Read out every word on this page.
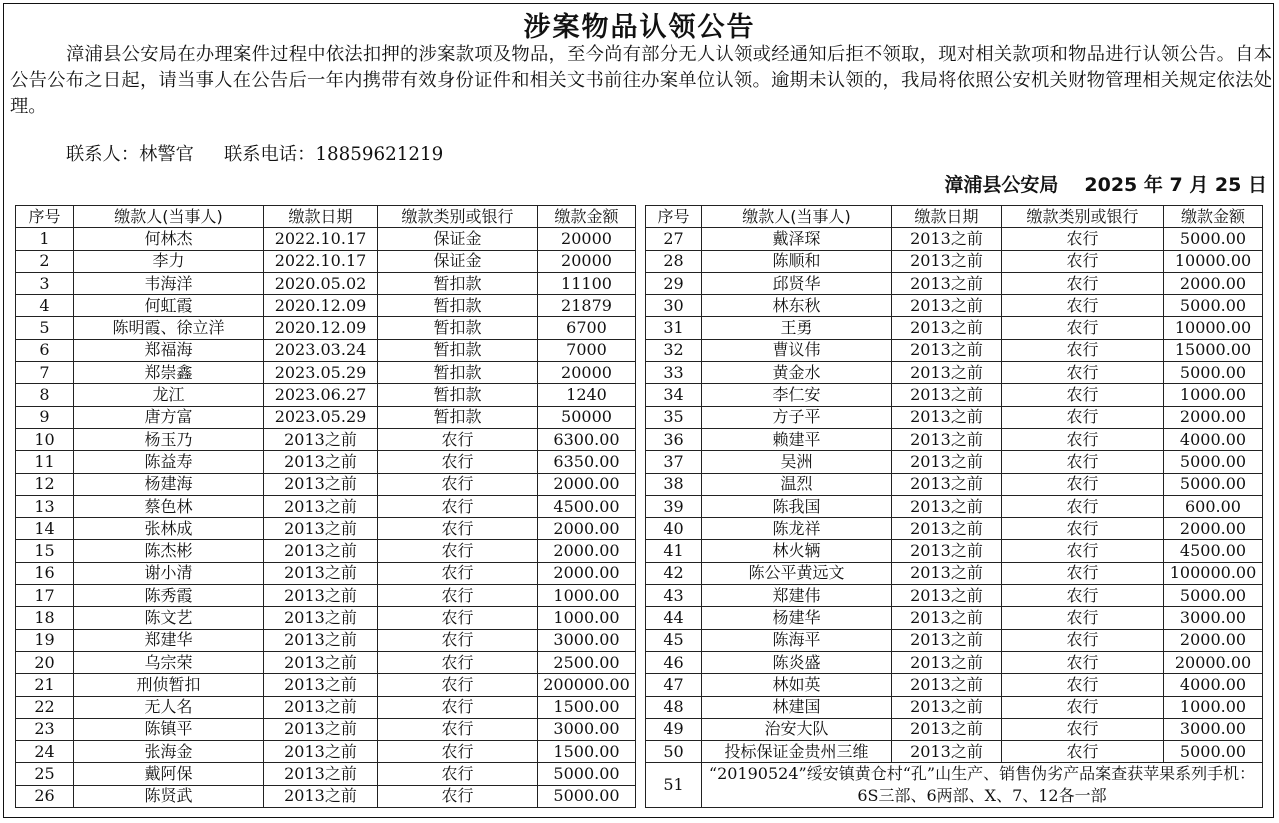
涉案物品认领公告
漳浦县公安局在办理案件过程中依法扣押的涉案款项及物品，至今尚有部分无人认领或经通知后拒不领取，现对相关款项和物品进行认领公告。自本公告公布之日起，请当事人在公告后一年内携带有效身份证件和相关文书前往办案单位认领。逾期未认领的，我局将依照公安机关财物管理相关规定依法处理。
联系人：林警官 联系电话：18859621219
漳浦县公安局 2025 年 7 月 25 日
序号	缴款人(当事人)	缴款日期	缴款类别或银行	缴款金额
1	何林杰	2022.10.17	保证金	20000
2	李力	2022.10.17	保证金	20000
3	韦海洋	2020.05.02	暂扣款	11100
4	何虹霞	2020.12.09	暂扣款	21879
5	陈明霞、徐立洋	2020.12.09	暂扣款	6700
6	郑福海	2023.03.24	暂扣款	7000
7	郑崇鑫	2023.05.29	暂扣款	20000
8	龙江	2023.06.27	暂扣款	1240
9	唐方富	2023.05.29	暂扣款	50000
10	杨玉乃	2013之前	农行	6300.00
11	陈益寿	2013之前	农行	6350.00
12	杨建海	2013之前	农行	2000.00
13	蔡色林	2013之前	农行	4500.00
14	张林成	2013之前	农行	2000.00
15	陈杰彬	2013之前	农行	2000.00
16	谢小清	2013之前	农行	2000.00
17	陈秀霞	2013之前	农行	1000.00
18	陈文艺	2013之前	农行	1000.00
19	郑建华	2013之前	农行	3000.00
20	乌宗荣	2013之前	农行	2500.00
21	刑侦暂扣	2013之前	农行	200000.00
22	无人名	2013之前	农行	1500.00
23	陈镇平	2013之前	农行	3000.00
24	张海金	2013之前	农行	1500.00
25	戴阿保	2013之前	农行	5000.00
26	陈贤武	2013之前	农行	5000.00
序号	缴款人(当事人)	缴款日期	缴款类别或银行	缴款金额
27	戴泽琛	2013之前	农行	5000.00
28	陈顺和	2013之前	农行	10000.00
29	邱贤华	2013之前	农行	2000.00
30	林东秋	2013之前	农行	5000.00
31	王勇	2013之前	农行	10000.00
32	曹议伟	2013之前	农行	15000.00
33	黄金水	2013之前	农行	5000.00
34	李仁安	2013之前	农行	1000.00
35	方子平	2013之前	农行	2000.00
36	赖建平	2013之前	农行	4000.00
37	吴洲	2013之前	农行	5000.00
38	温烈	2013之前	农行	5000.00
39	陈我国	2013之前	农行	600.00
40	陈龙祥	2013之前	农行	2000.00
41	林火辆	2013之前	农行	4500.00
42	陈公平黄远文	2013之前	农行	100000.00
43	郑建伟	2013之前	农行	5000.00
44	杨建华	2013之前	农行	3000.00
45	陈海平	2013之前	农行	2000.00
46	陈炎盛	2013之前	农行	20000.00
47	林如英	2013之前	农行	4000.00
48	林建国	2013之前	农行	1000.00
49	治安大队	2013之前	农行	3000.00
50	投标保证金贵州三维	2013之前	农行	5000.00
51	“20190524”绥安镇黄仓村“孔”山生产、销售伪劣产品案查获苹果系列手机：6S三部、6两部、X、7、12各一部			
